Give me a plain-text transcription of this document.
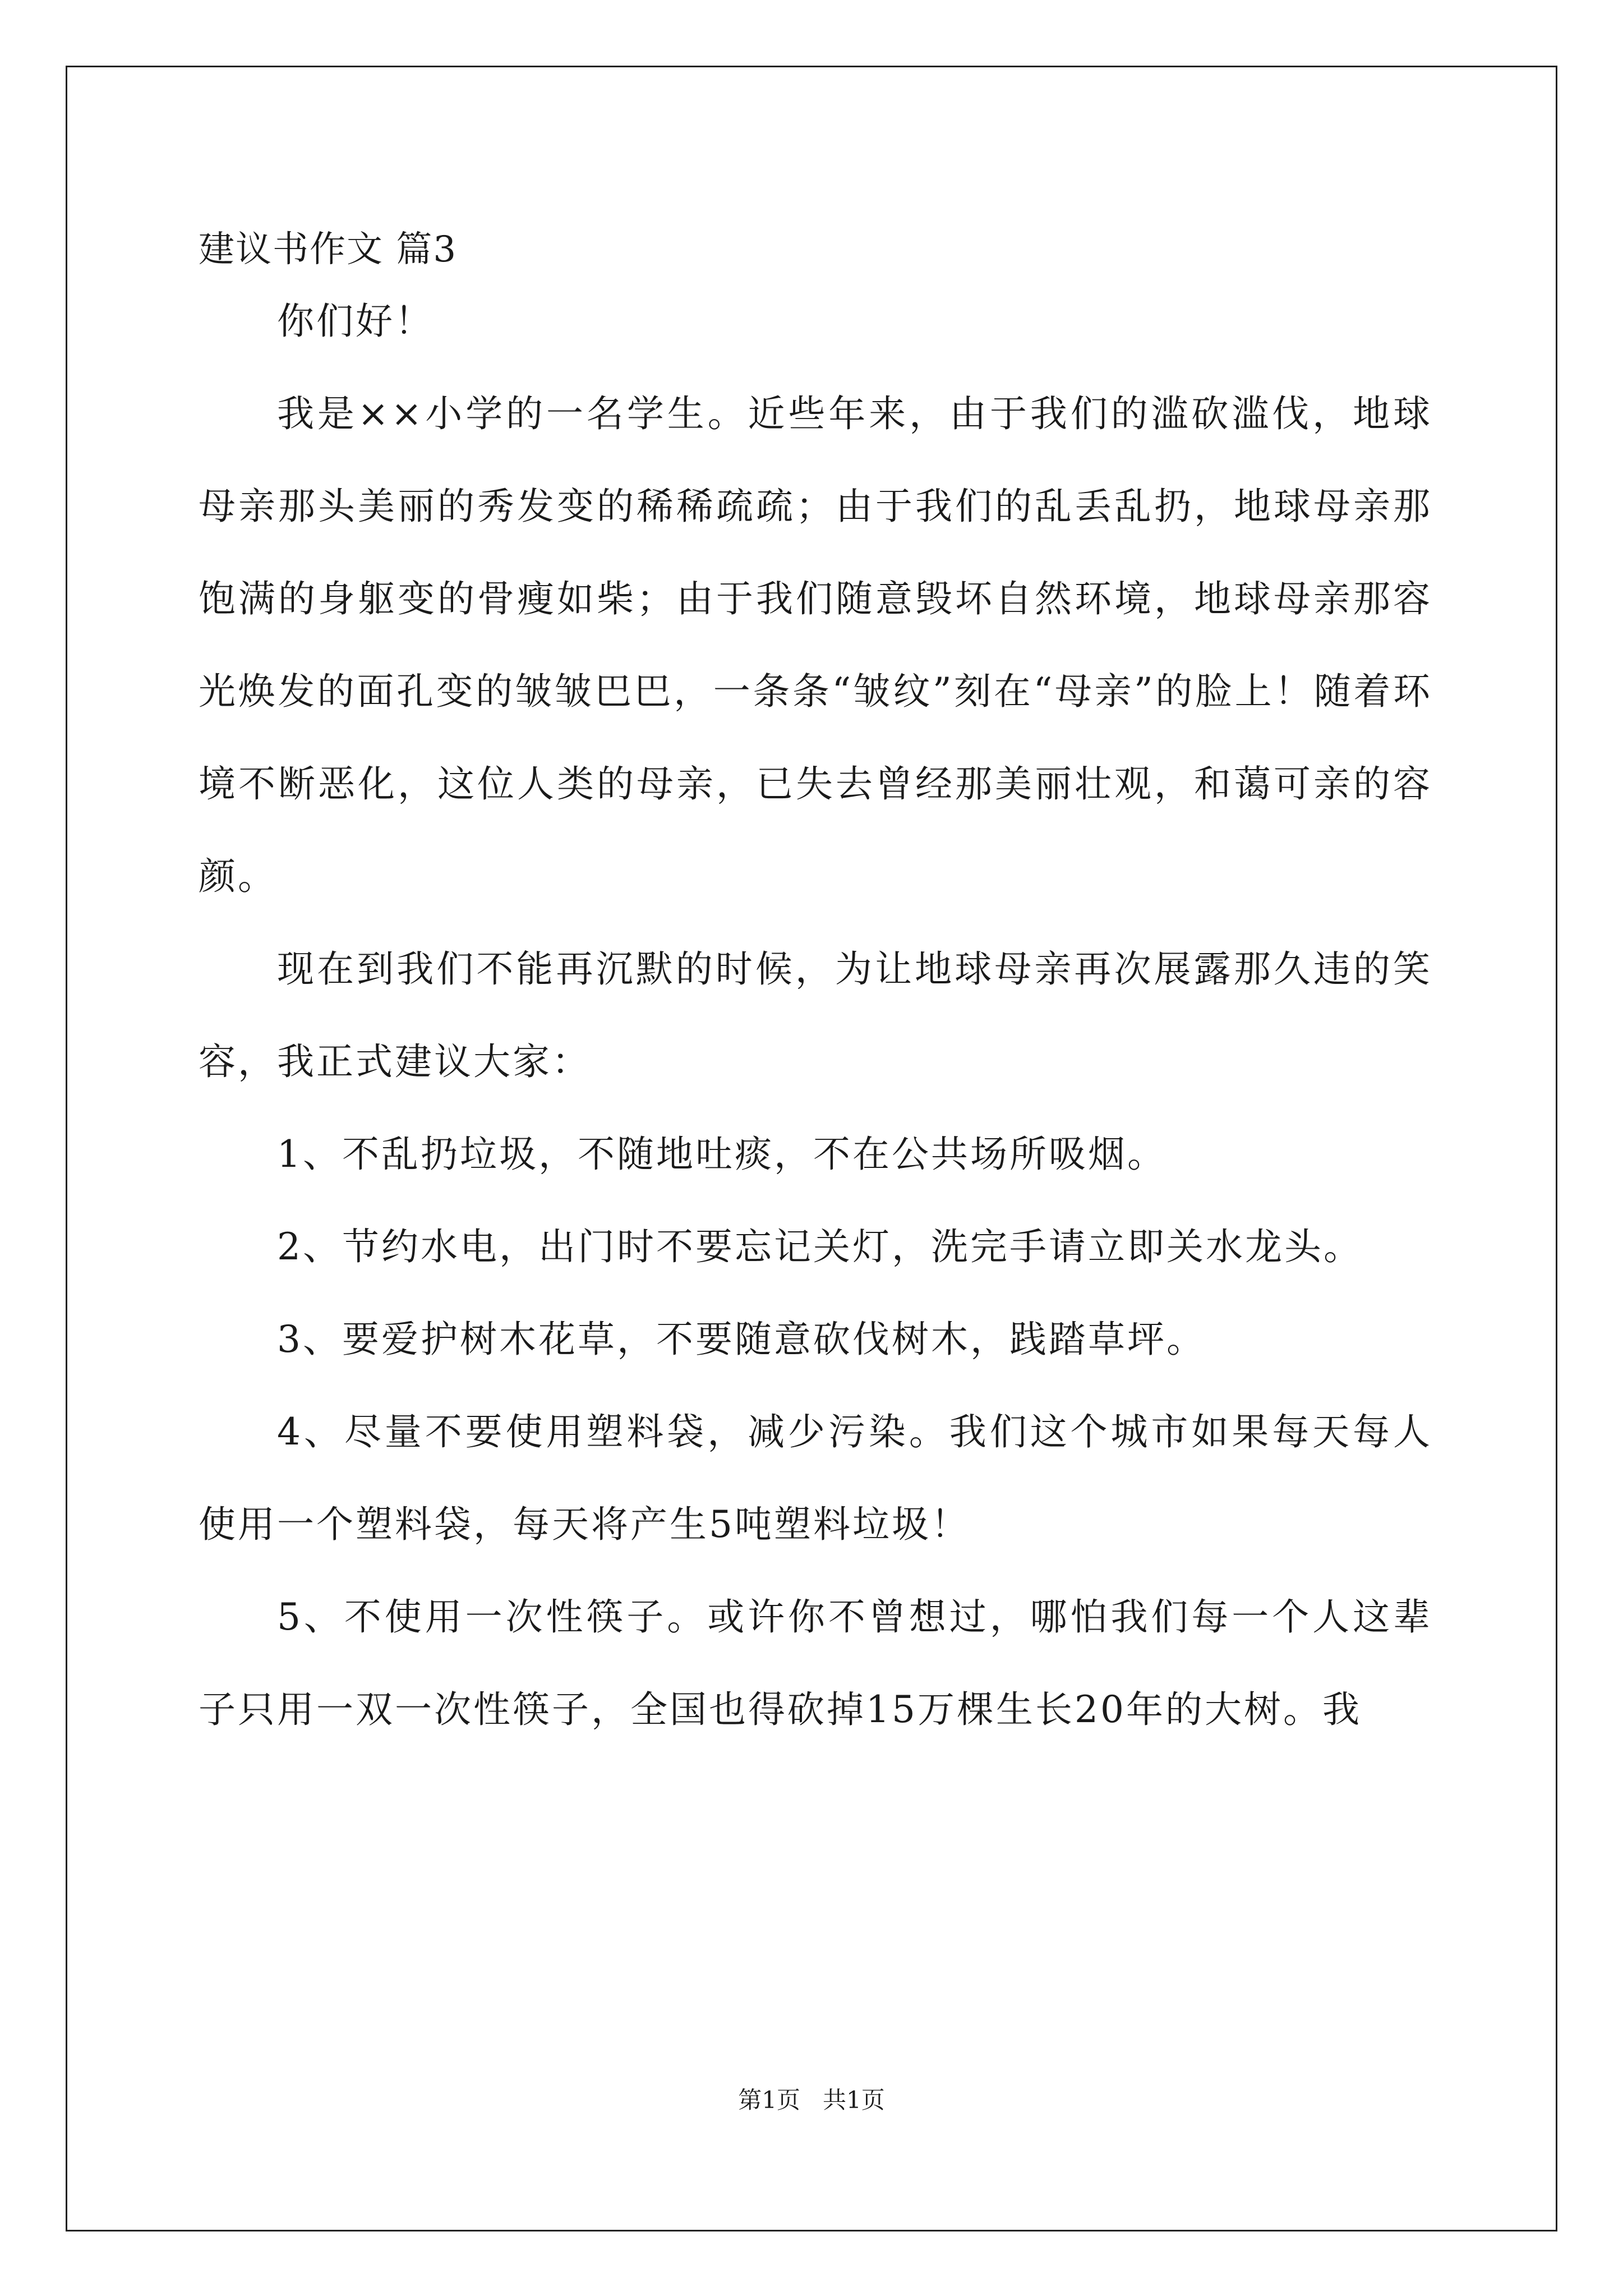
建议书作文 篇3

你们好！

我是××小学的一名学生。近些年来，由于我们的滥砍滥伐，地球母亲那头美丽的秀发变的稀稀疏疏；由于我们的乱丢乱扔，地球母亲那饱满的身躯变的骨瘦如柴；由于我们随意毁坏自然环境，地球母亲那容光焕发的面孔变的皱皱巴巴，一条条“皱纹”刻在“母亲”的脸上！随着环境不断恶化，这位人类的母亲，已失去曾经那美丽壮观，和蔼可亲的容颜。

现在到我们不能再沉默的时候，为让地球母亲再次展露那久违的笑容，我正式建议大家：

1、不乱扔垃圾，不随地吐痰，不在公共场所吸烟。

2、节约水电，出门时不要忘记关灯，洗完手请立即关水龙头。

3、要爱护树木花草，不要随意砍伐树木，践踏草坪。

4、尽量不要使用塑料袋，减少污染。我们这个城市如果每天每人使用一个塑料袋，每天将产生5吨塑料垃圾！

5、不使用一次性筷子。或许你不曾想过，哪怕我们每一个人这辈子只用一双一次性筷子，全国也得砍掉15万棵生长20年的大树。我

第1页   共1页
